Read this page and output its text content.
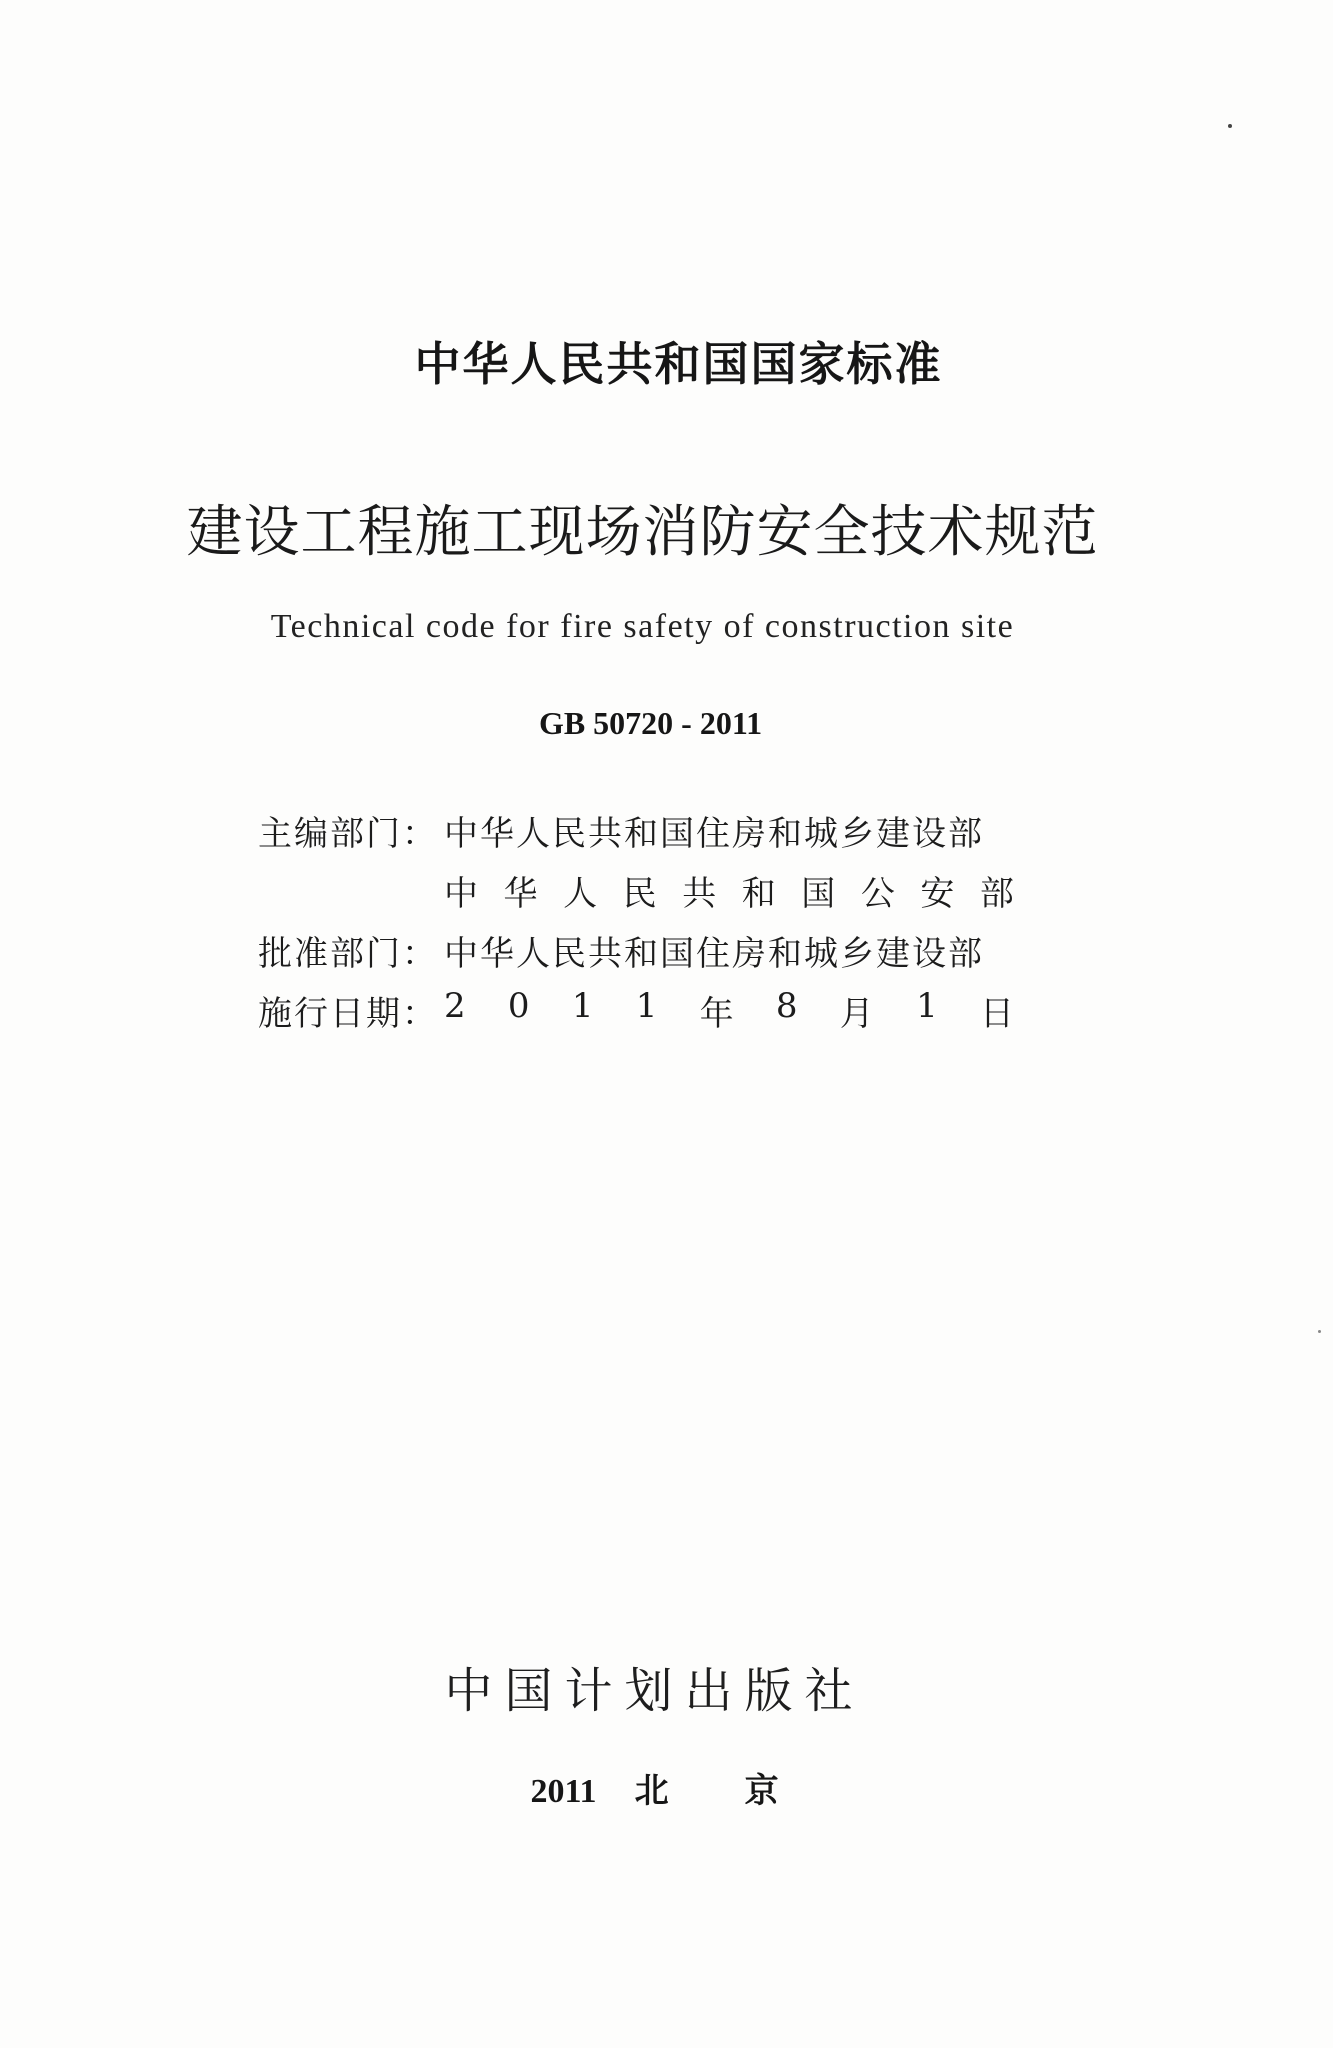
中华人民共和国国家标准
建设工程施工现场消防安全技术规范
Technical code for fire safety of construction site
GB 50720 - 2011
主编部门： 中华人民共和国住房和城乡建设部
中 华 人 民 共 和 国 公 安 部
批准部门： 中华人民共和国住房和城乡建设部
施行日期： 2 0 1 1 年 8 月 1 日
中国计划出版社
2011 北 京
